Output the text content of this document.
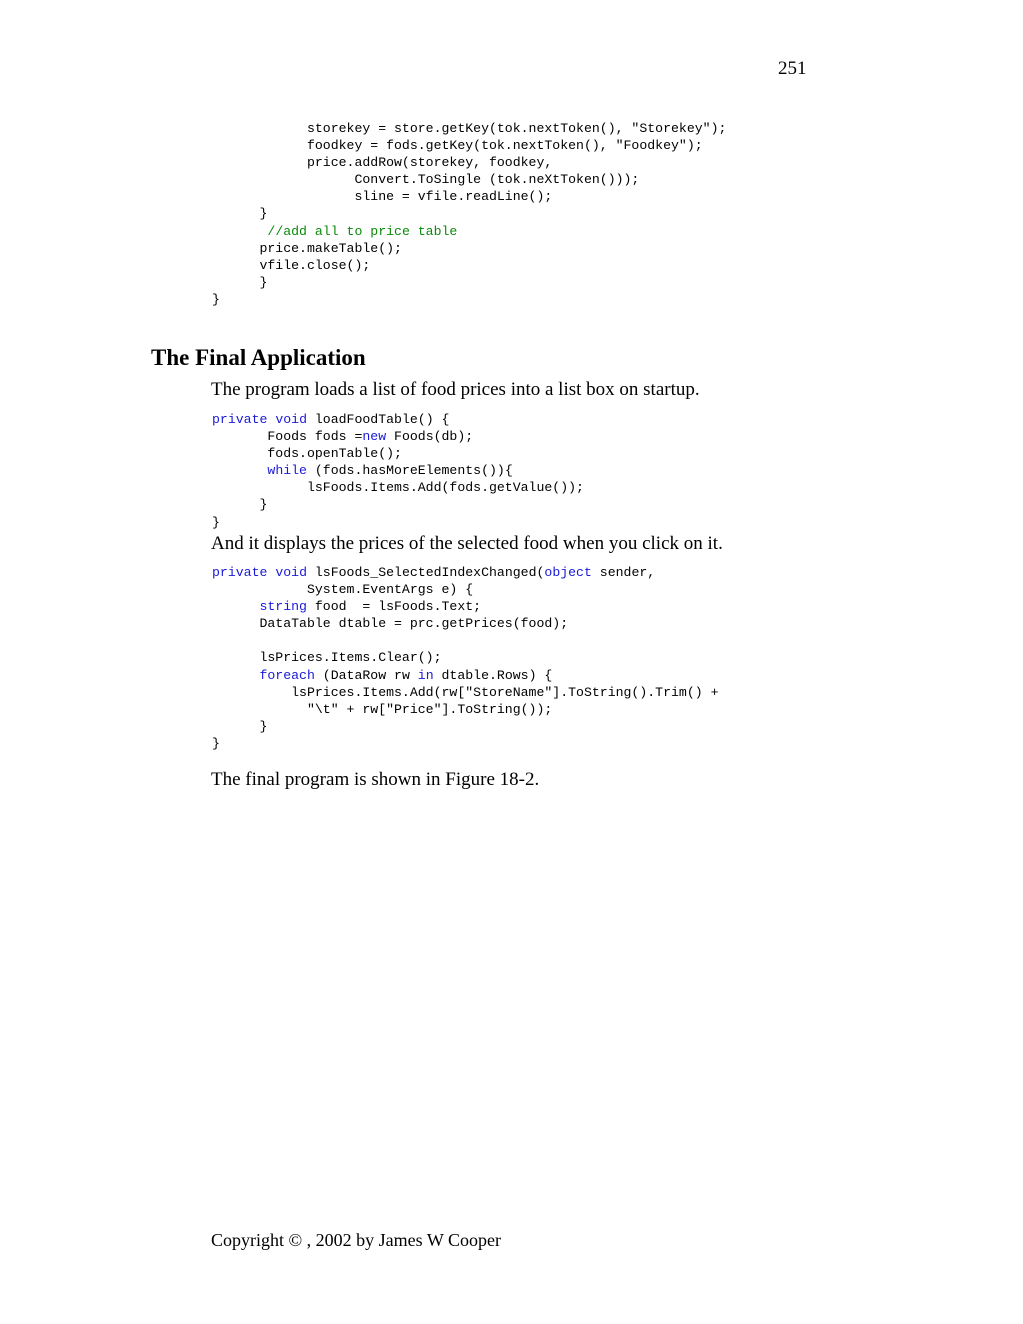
251
storekey = store.getKey(tok.nextToken(), "Storekey");
foodkey = fods.getKey(tok.nextToken(), "Foodkey");
price.addRow(storekey, foodkey,
Convert.ToSingle (tok.neXtToken()));
sline = vfile.readLine();
}
//add all to price table
price.makeTable();
vfile.close();
}
}
The Final Application

The program loads a list of food prices into a list box on startup.

private void loadFoodTable() {
Foods fods =new Foods(db);
fods.openTable();
while (fods.hasMoreElements()){
lsFoods.Items.Add(fods.getValue());
}
}

And it displays the prices of the selected food when you click on it.

private void lsFoods_SelectedIndexChanged(object sender,
System.EventArgs e) {
string food  = lsFoods.Text;
DataTable dtable = prc.getPrices(food);

lsPrices.Items.Clear();
foreach (DataRow rw in dtable.Rows) {
lsPrices.Items.Add(rw["StoreName"].ToString().Trim() +
"\t" + rw["Price"].ToString());
}
}

The final program is shown in Figure 18-2.

Copyright © , 2002 by James W Cooper
